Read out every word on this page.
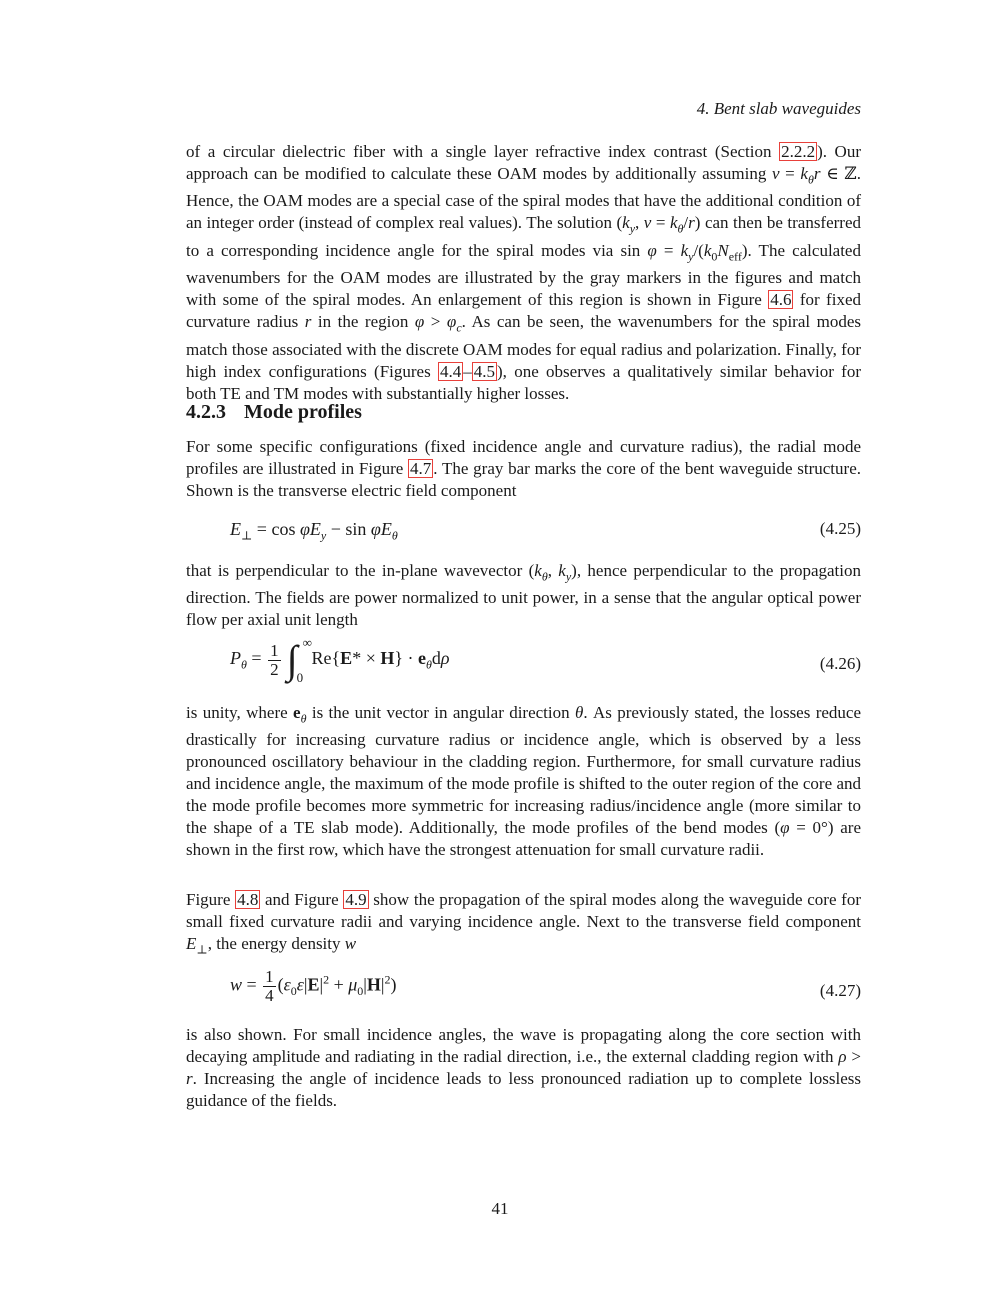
4. Bent slab waveguides

of a circular dielectric fiber with a single layer refractive index contrast (Section 2.2.2 ). Our approach can be modified to calculate these OAM modes by additionally assuming $\nu = k_\theta r$ ∈ ℤ. Hence, the OAM modes are a special case of the spiral modes that have the additional condition of an integer order (instead of complex real values). The solution ($k_y$, $\nu = k_\theta/r$) can then be transferred to a corresponding incidence angle for the spiral modes via $\sin \varphi = k_y/(k_0N_{eff})$. The calculated wavenumbers for the OAM modes are illustrated by the gray markers in the figures and match with some of the spiral modes. An enlargement of this region is shown in Figure 4.6 for fixed curvature radius r in the region $\varphi > \varphi_c$. As can be seen, the wavenumbers for the spiral modes match those associated with the discrete OAM modes for equal radius and polarization. Finally, for high index configurations (Figures 4.4 – 4.5 ), one observes a qualitatively similar behavior for both TE and TM modes with substantially higher losses.

4.2.3 Mode profiles

For some specific configurations (fixed incidence angle and curvature radius), the radial mode profiles are illustrated in Figure 4.7 . The gray bar marks the core of the bent waveguide structure. Shown is the transverse electric field component

$E_\perp = \cos \varphi E_y - \sin \varphi E_\theta$	(4.25)

that is perpendicular to the in-plane wavevector ($k_\theta$, $k_y$), hence perpendicular to the propagation direction. The fields are power normalized to unit power, in a sense that the angular optical power flow per axial unit length

$P_\theta = \frac{1}{2}$ ∫ ∞
0
$Re\{E* \times H\} \cdot e_\theta d\rho$	(4.26)

is unity, where $e_\theta$ is the unit vector in angular direction θ. As previously stated, the losses reduce drastically for increasing curvature radius or incidence angle, which is observed by a less pronounced oscillatory behaviour in the cladding region. Furthermore, for small curvature radius and incidence angle, the maximum of the mode profile is shifted to the outer region of the core and the mode profile becomes more symmetric for increasing radius/incidence angle (more similar to the shape of a TE slab mode). Additionally, the mode profiles of the bend modes (φ = 0°) are shown in the first row, which have the strongest attenuation for small curvature radii.

Figure 4.8 and Figure 4.9 show the propagation of the spiral modes along the waveguide core for small fixed curvature radii and varying incidence angle. Next to the transverse field component $E_\perp$, the energy density w

$w = \frac{1}{4} (\varepsilon_0\varepsilon|E|^2 + \mu_0|H|^2)$	(4.27)

is also shown. For small incidence angles, the wave is propagating along the core section with decaying amplitude and radiating in the radial direction, i.e., the external cladding region with ρ > r. Increasing the angle of incidence leads to less pronounced radiation up to complete lossless guidance of the fields.

41
